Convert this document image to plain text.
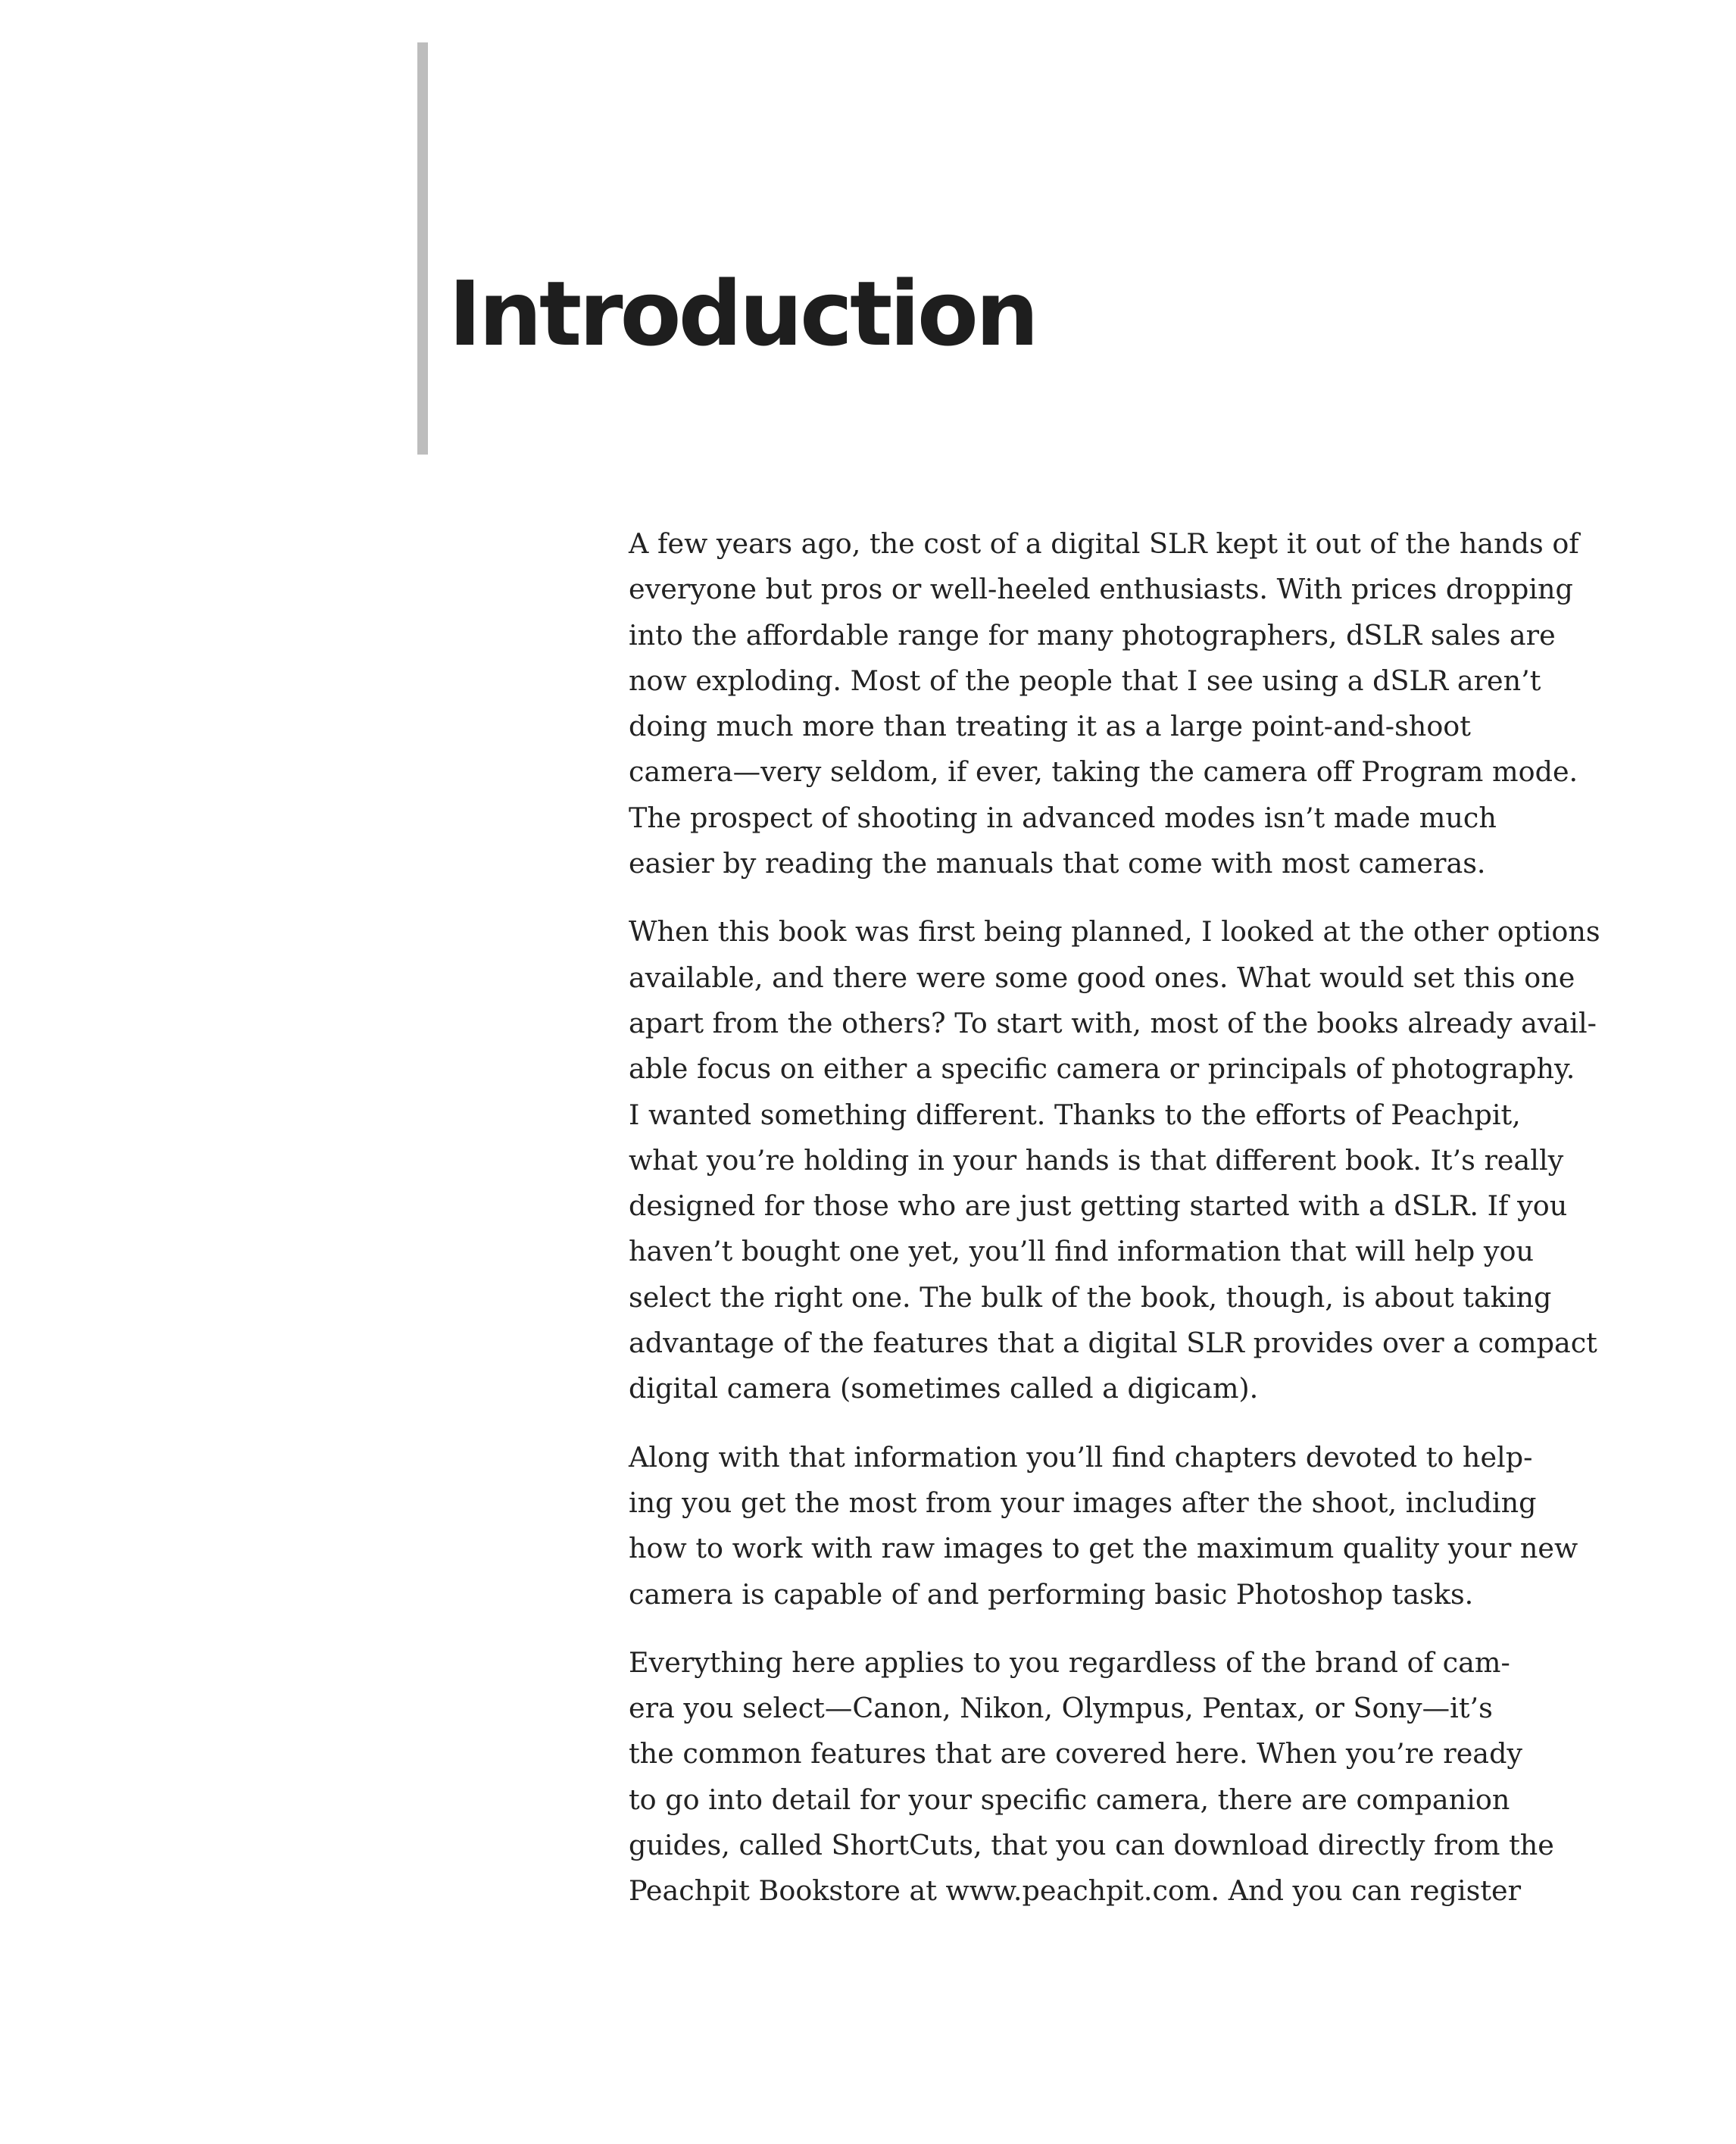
Introduction

A few years ago, the cost of a digital SLR kept it out of the hands of
everyone but pros or well-heeled enthusiasts. With prices dropping
into the affordable range for many photographers, dSLR sales are
now exploding. Most of the people that I see using a dSLR aren’t
doing much more than treating it as a large point-and-shoot
camera—very seldom, if ever, taking the camera off Program mode.
The prospect of shooting in advanced modes isn’t made much
easier by reading the manuals that come with most cameras.

When this book was first being planned, I looked at the other options
available, and there were some good ones. What would set this one
apart from the others? To start with, most of the books already avail-
able focus on either a specific camera or principals of photography.
I wanted something different. Thanks to the efforts of Peachpit,
what you’re holding in your hands is that different book. It’s really
designed for those who are just getting started with a dSLR. If you
haven’t bought one yet, you’ll find information that will help you
select the right one. The bulk of the book, though, is about taking
advantage of the features that a digital SLR provides over a compact
digital camera (sometimes called a digicam).

Along with that information you’ll find chapters devoted to help-
ing you get the most from your images after the shoot, including
how to work with raw images to get the maximum quality your new
camera is capable of and performing basic Photoshop tasks.

Everything here applies to you regardless of the brand of cam-
era you select—Canon, Nikon, Olympus, Pentax, or Sony—it’s
the common features that are covered here. When you’re ready
to go into detail for your specific camera, there are companion
guides, called ShortCuts, that you can download directly from the
Peachpit Bookstore at www.peachpit.com. And you can register
